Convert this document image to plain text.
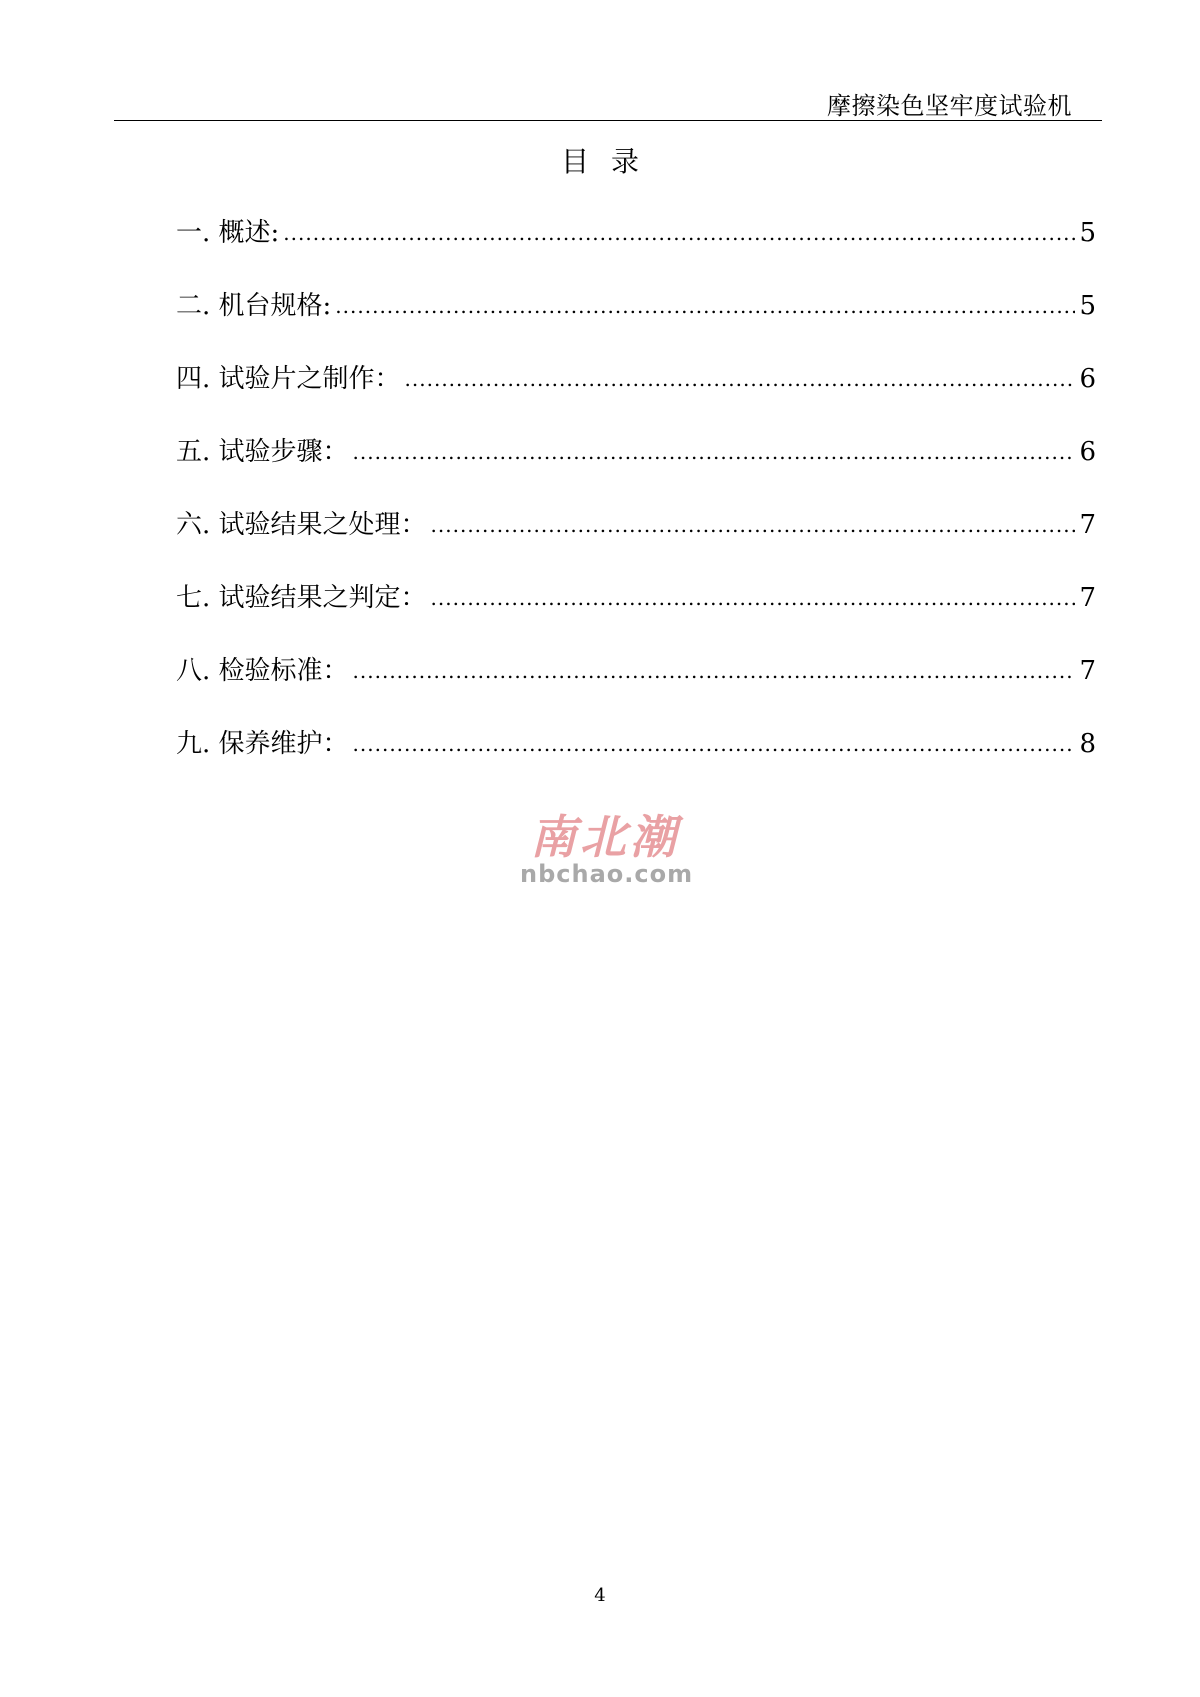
摩擦染色坚牢度试验机
目录
一. 概述: .....	5
二. 机台规格: .....	5
四. 试验片之制作： .....	6
五. 试验步骤： .....	6
六. 试验结果之处理： .....	7
七. 试验结果之判定： .....	7
八. 检验标准： .....	7
九. 保养维护： .....	8
南北潮
nbchao.com
4
